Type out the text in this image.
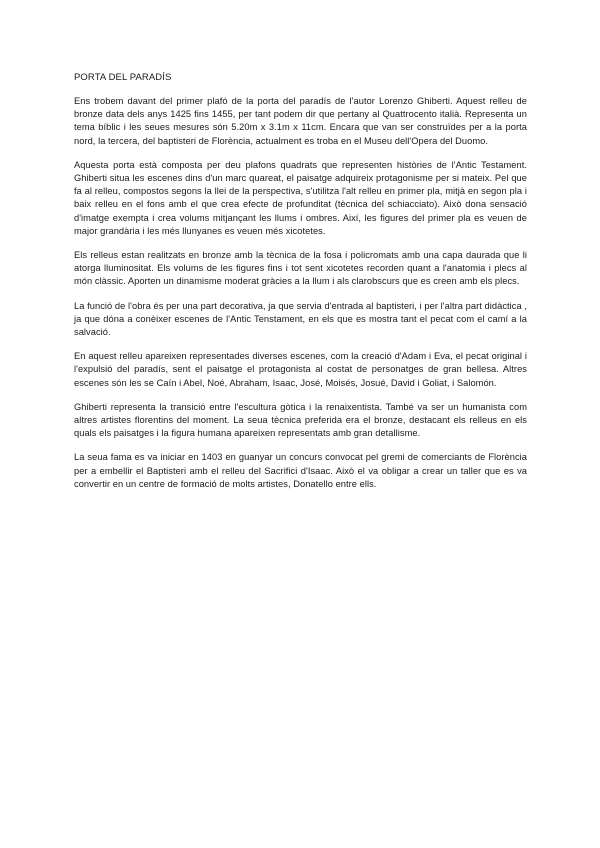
PORTA DEL PARADÍS

Ens trobem davant del primer plafó de la porta del paradís de l'autor Lorenzo Ghiberti. Aquest relleu de bronze data dels anys 1425 fins 1455, per tant podem dir que pertany al Quattrocento italià. Representa un tema bíblic i les seues mesures són 5.20m x 3.1m x 11cm. Encara que van ser construïdes per a la porta nord, la tercera, del baptisteri de Florència, actualment es troba en el Museu dell'Opera del Duomo.

Aquesta porta està composta per deu plafons quadrats que representen històries de l'Antic Testament. Ghiberti situa les escenes dins d'un marc quareat, el paisatge adquireix protagonisme per si mateix. Pel que fa al relleu, compostos segons la llei de la perspectiva, s'utilitza l'alt relleu en primer pla, mitjà en segon pla i baix relleu en el fons amb el que crea efecte de profunditat (tècnica del schiacciato). Això dona sensació d'imatge exempta i crea volums mitjançant les llums i ombres. Així, les figures del primer pla es veuen de major grandària i les més llunyanes es veuen més xicotetes.

Els relleus estan realitzats en bronze amb la tècnica de la fosa i policromats amb una capa daurada que li atorga lluminositat. Els volums de les figures fins i tot sent xicotetes recorden quant a l'anatomia i plecs al món clàssic. Aporten un dinamisme moderat gràcies a la llum i als clarobscurs que es creen amb els plecs.

La funció de l'obra és per una part decorativa, ja que servia d'entrada al baptisteri, i per l'altra part didàctica , ja que dóna a conèixer escenes de l'Antic Tenstament, en els que es mostra tant el pecat com el camí a la salvació.

En aquest relleu apareixen representades diverses escenes, com la creació d'Adam i Eva, el pecat original i l'expulsió del paradís, sent el paisatge el protagonista al costat de personatges de gran bellesa. Altres escenes són les se Caín i Abel, Noé, Abraham, Isaac, José, Moisés, Josué, David i Goliat, i Salomón.

Ghiberti representa la transició entre l'escultura gòtica i la renaixentista. També va ser un humanista com altres artistes florentins del moment. La seua tècnica preferida era el bronze, destacant els relleus en els quals els paisatges i la figura humana apareixen representats amb gran detallisme.

La seua fama es va iniciar en 1403 en guanyar un concurs convocat pel gremi de comerciants de Florència per a embellir el Baptisteri amb el relleu del Sacrifici d'Isaac. Això el va obligar a crear un taller que es va convertir en un centre de formació de molts artistes, Donatello entre ells.
